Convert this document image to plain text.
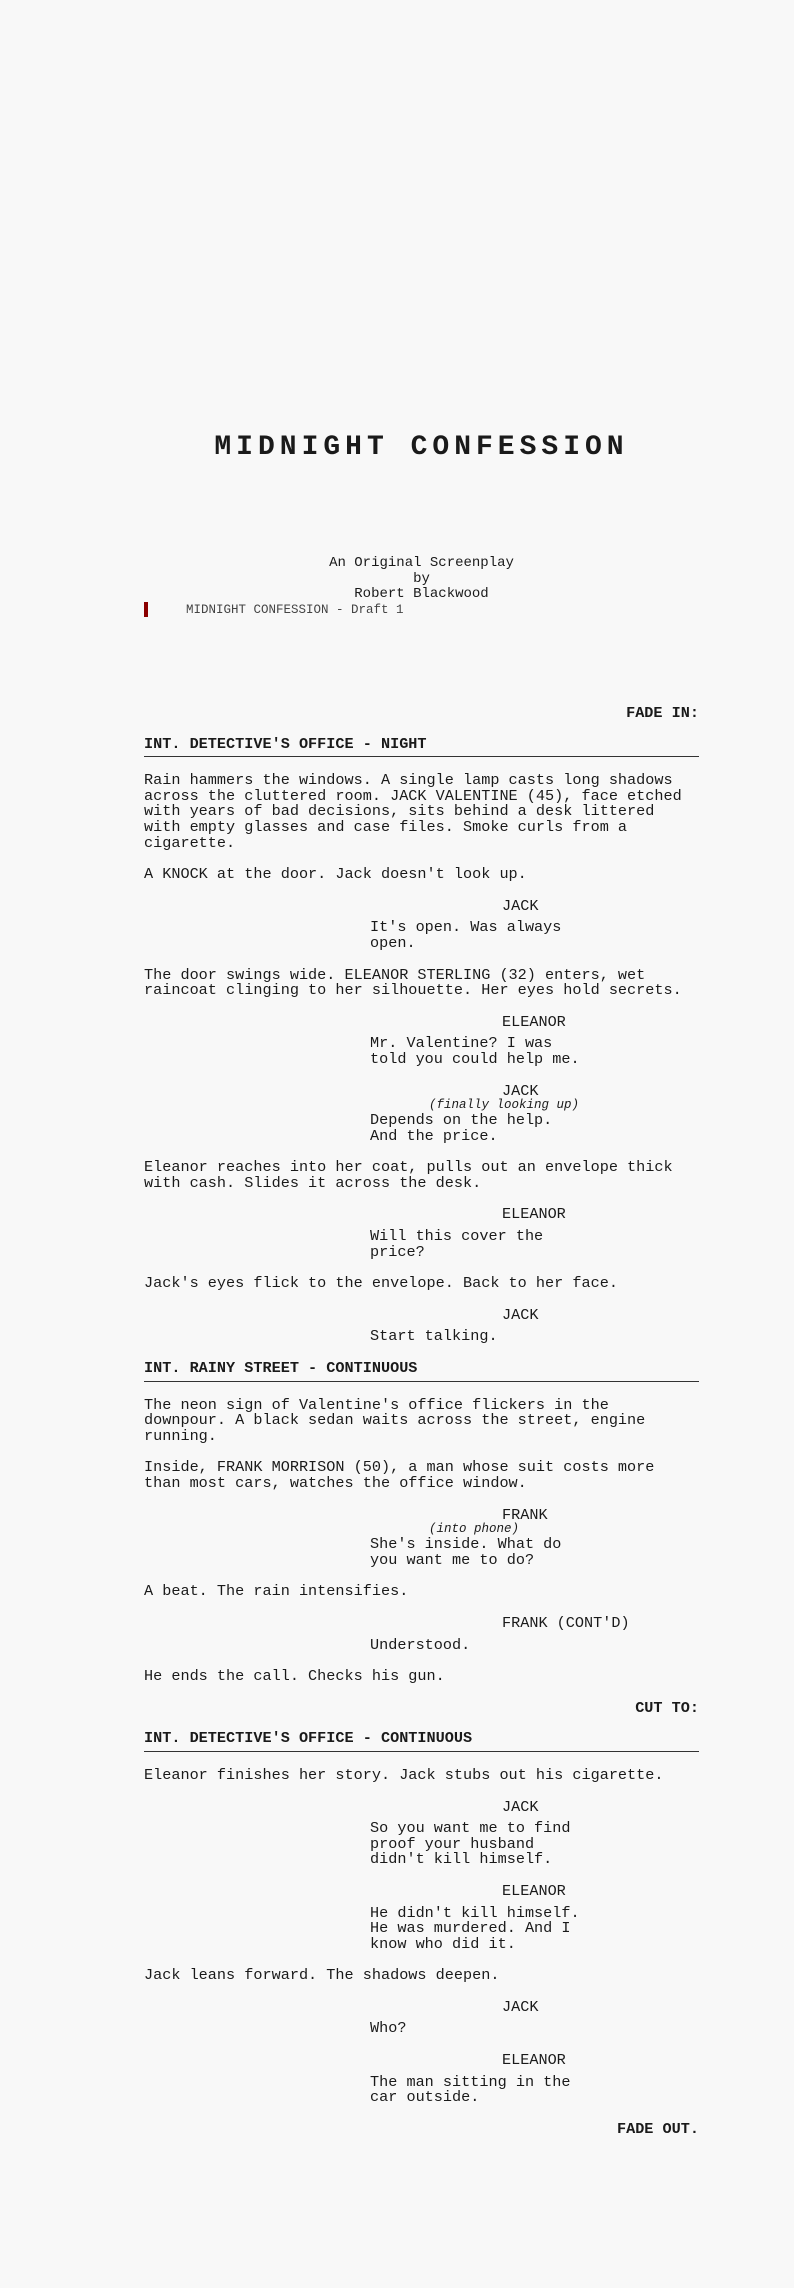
MIDNIGHT CONFESSION
An Original Screenplay
by
Robert Blackwood
MIDNIGHT CONFESSION - Draft 1
FADE IN:
INT. DETECTIVE'S OFFICE - NIGHT
Rain hammers the windows. A single lamp casts long shadows across the cluttered room. JACK VALENTINE (45), face etched with years of bad decisions, sits behind a desk littered with empty glasses and case files. Smoke curls from a cigarette.
A KNOCK at the door. Jack doesn't look up.
JACK
It's open. Was always open.
The door swings wide. ELEANOR STERLING (32) enters, wet raincoat clinging to her silhouette. Her eyes hold secrets.
ELEANOR
Mr. Valentine? I was told you could help me.
JACK
(finally looking up)
Depends on the help. And the price.
Eleanor reaches into her coat, pulls out an envelope thick with cash. Slides it across the desk.
ELEANOR
Will this cover the price?
Jack's eyes flick to the envelope. Back to her face.
JACK
Start talking.
INT. RAINY STREET - CONTINUOUS
The neon sign of Valentine's office flickers in the downpour. A black sedan waits across the street, engine running.
Inside, FRANK MORRISON (50), a man whose suit costs more than most cars, watches the office window.
FRANK
(into phone)
She's inside. What do you want me to do?
A beat. The rain intensifies.
FRANK (CONT'D)
Understood.
He ends the call. Checks his gun.
CUT TO:
INT. DETECTIVE'S OFFICE - CONTINUOUS
Eleanor finishes her story. Jack stubs out his cigarette.
JACK
So you want me to find proof your husband didn't kill himself.
ELEANOR
He didn't kill himself. He was murdered. And I know who did it.
Jack leans forward. The shadows deepen.
JACK
Who?
ELEANOR
The man sitting in the car outside.
FADE OUT.
